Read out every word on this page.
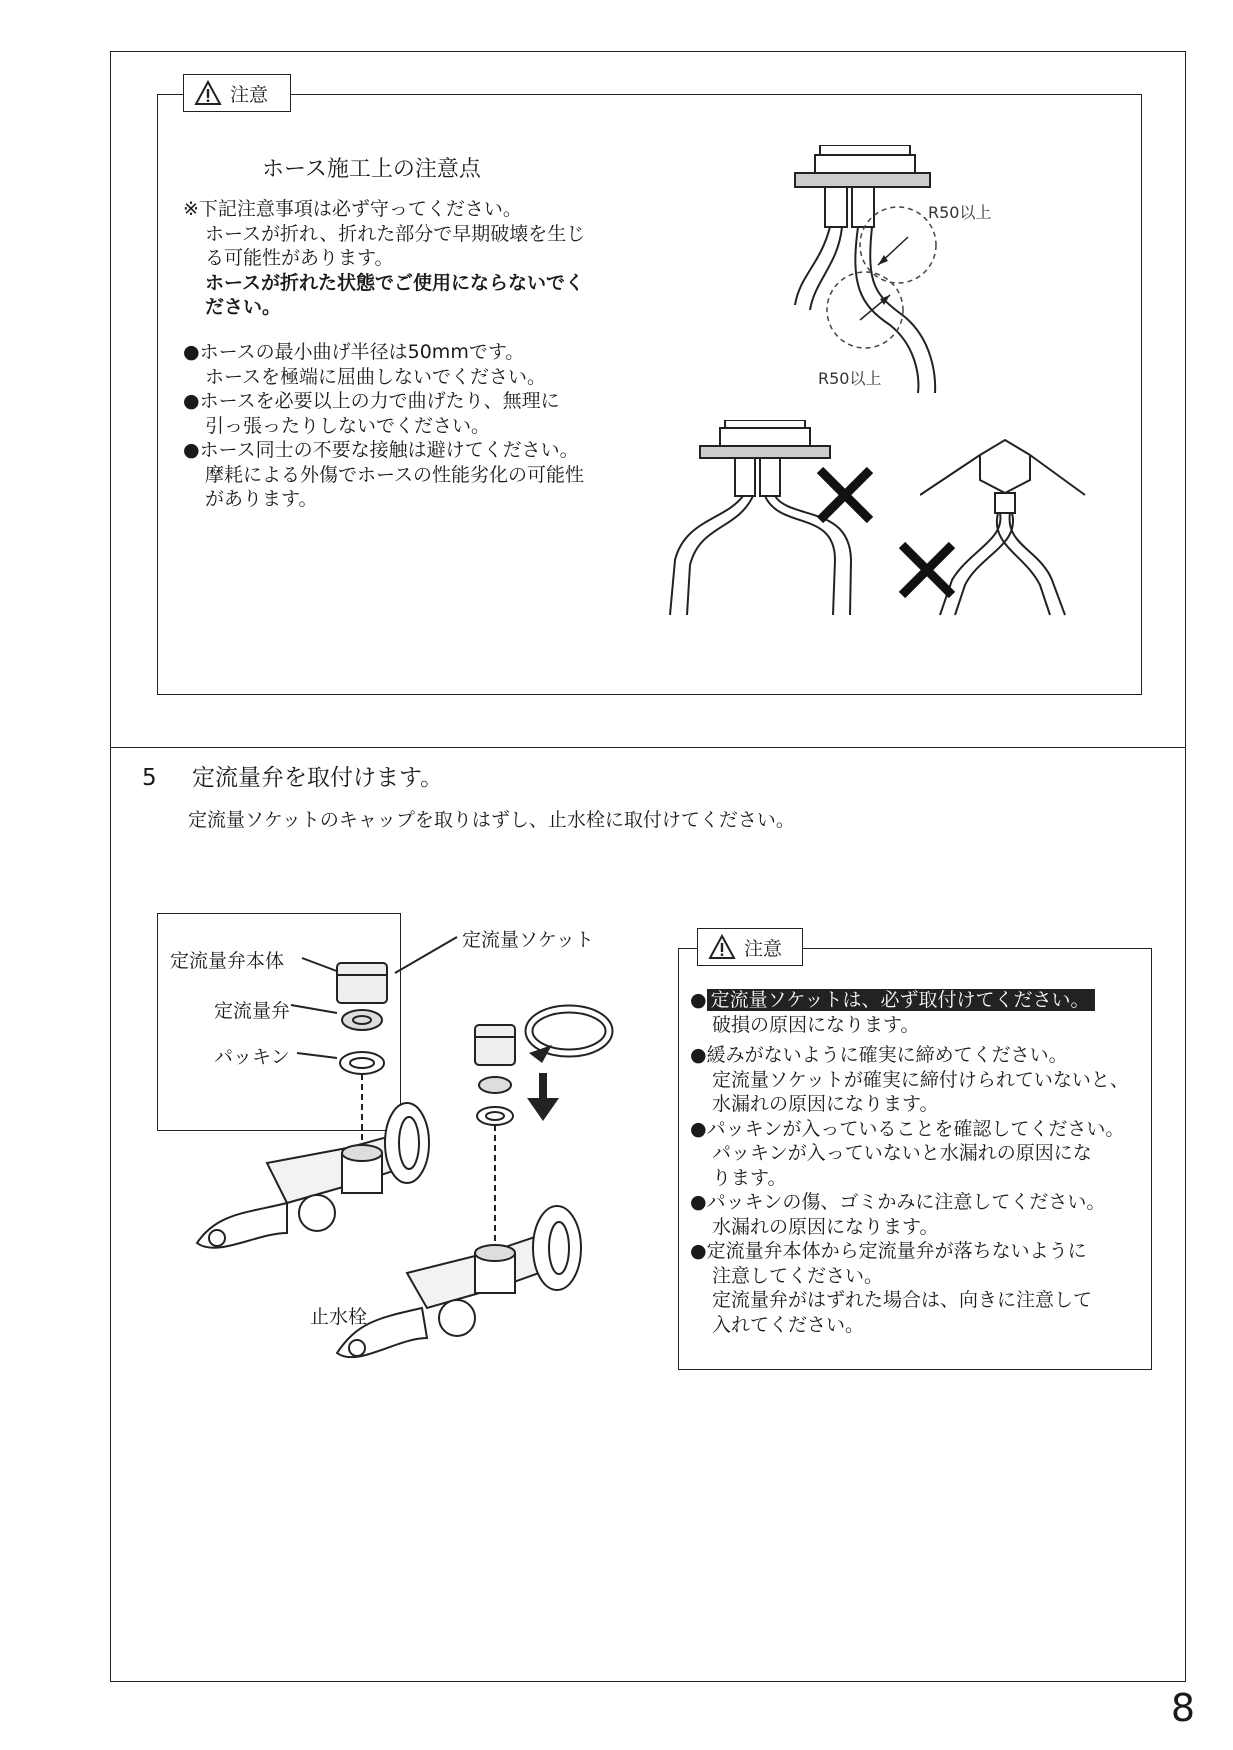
注意
ホース施工上の注意点
※下記注意事項は必ず守ってください。
ホースが折れ、折れた部分で早期破壊を生じ
る可能性があります。
ホースが折れた状態でご使用にならないでく
ださい。
●ホースの最小曲げ半径は50mmです。
ホースを極端に屈曲しないでください。
●ホースを必要以上の力で曲げたり、無理に
引っ張ったりしないでください。
●ホース同士の不要な接触は避けてください。
摩耗による外傷でホースの性能劣化の可能性
があります。
R50以上
R50以上
5 定流量弁を取付けます。
定流量ソケットのキャップを取りはずし、止水栓に取付けてください。
定流量弁本体
定流量弁
パッキン
定流量ソケット
止水栓
注意
● 定流量ソケットは、必ず取付けてください。
破損の原因になります。
●緩みがないように確実に締めてください。
定流量ソケットが確実に締付けられていないと、
水漏れの原因になります。
●パッキンが入っていることを確認してください。
パッキンが入っていないと水漏れの原因にな
ります。
●パッキンの傷、ゴミかみに注意してください。
水漏れの原因になります。
●定流量弁本体から定流量弁が落ちないように
注意してください。
定流量弁がはずれた場合は、向きに注意して
入れてください。
8
